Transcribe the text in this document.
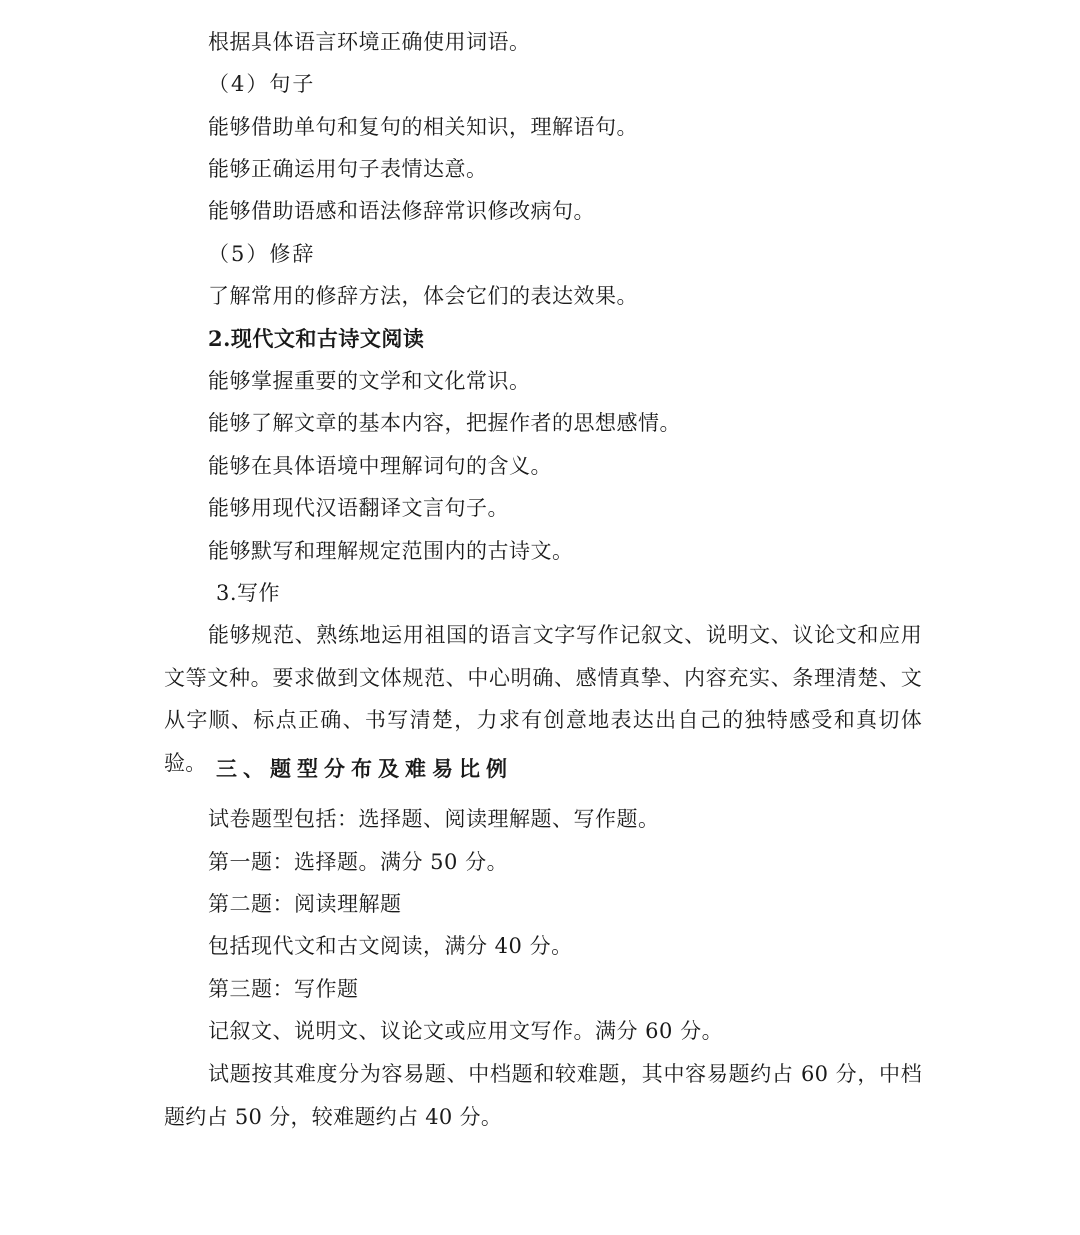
根据具体语言环境正确使用词语。
（4）句子
能够借助单句和复句的相关知识，理解语句。
能够正确运用句子表情达意。
能够借助语感和语法修辞常识修改病句。
（5）修辞
了解常用的修辞方法，体会它们的表达效果。
2.现代文和古诗文阅读
能够掌握重要的文学和文化常识。
能够了解文章的基本内容，把握作者的思想感情。
能够在具体语境中理解词句的含义。
能够用现代汉语翻译文言句子。
能够默写和理解规定范围内的古诗文。
3.写作
能够规范、熟练地运用祖国的语言文字写作记叙文、说明文、议论文和应用文等文种。要求做到文体规范、中心明确、感情真挚、内容充实、条理清楚、文从字顺、标点正确、书写清楚，力求有创意地表达出自己的独特感受和真切体验。 三、题型分布及难易比例
试卷题型包括：选择题、阅读理解题、写作题。
第一题：选择题。满分 50 分。
第二题：阅读理解题
包括现代文和古文阅读，满分 40 分。
第三题：写作题
记叙文、说明文、议论文或应用文写作。满分 60 分。
试题按其难度分为容易题、中档题和较难题，其中容易题约占 60 分，中档题约占 50 分，较难题约占 40 分。
